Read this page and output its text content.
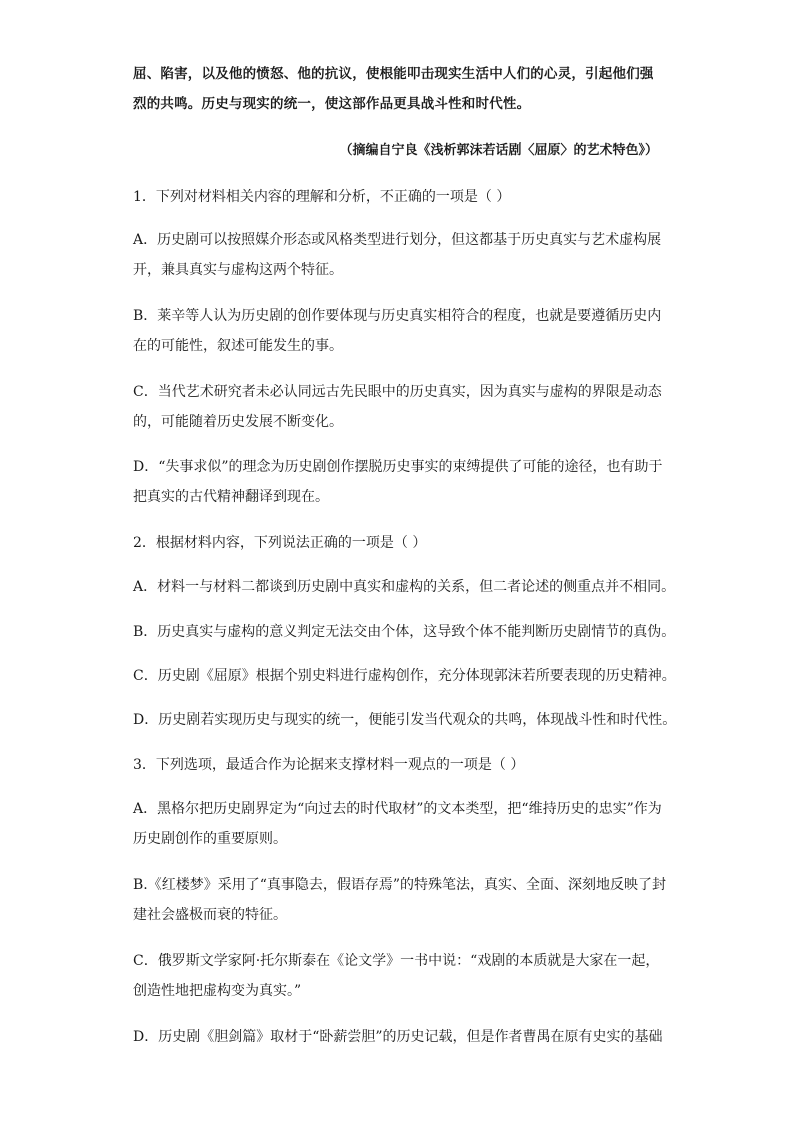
屈、陷害，以及他的愤怒、他的抗议，使根能叩击现实生活中人们的心灵，引起他们强
烈的共鸣。历史与现实的统一，使这部作品更具战斗性和时代性。
（摘编自宁良《浅析郭沫若话剧〈屈原〉的艺术特色》）
1．下列对材料相关内容的理解和分析，不正确的一项是（ ）
A．历史剧可以按照媒介形态或风格类型进行划分，但这都基于历史真实与艺术虚构展
开，兼具真实与虚构这两个特征。
B．莱辛等人认为历史剧的创作要体现与历史真实相符合的程度，也就是要遵循历史内
在的可能性，叙述可能发生的事。
C．当代艺术研究者未必认同远古先民眼中的历史真实，因为真实与虚构的界限是动态
的，可能随着历史发展不断变化。
D．“失事求似”的理念为历史剧创作摆脱历史事实的束缚提供了可能的途径，也有助于
把真实的古代精神翻译到现在。
2．根据材料内容，下列说法正确的一项是（ ）
A．材料一与材料二都谈到历史剧中真实和虚构的关系，但二者论述的侧重点并不相同。
B．历史真实与虚构的意义判定无法交由个体，这导致个体不能判断历史剧情节的真伪。
C．历史剧《屈原》根据个别史料进行虚构创作，充分体现郭沫若所要表现的历史精神。
D．历史剧若实现历史与现实的统一，便能引发当代观众的共鸣，体现战斗性和时代性。
3．下列选项，最适合作为论据来支撑材料一观点的一项是（ ）
A．黑格尔把历史剧界定为“向过去的时代取材”的文本类型，把“维持历史的忠实”作为
历史剧创作的重要原则。
B.《红楼梦》采用了“真事隐去，假语存焉”的特殊笔法，真实、全面、深刻地反映了封
建社会盛极而衰的特征。
C．俄罗斯文学家阿·托尔斯泰在《论文学》一书中说：“戏剧的本质就是大家在一起，
创造性地把虚构变为真实。”
D．历史剧《胆剑篇》取材于“卧薪尝胆”的历史记载，但是作者曹禺在原有史实的基础
